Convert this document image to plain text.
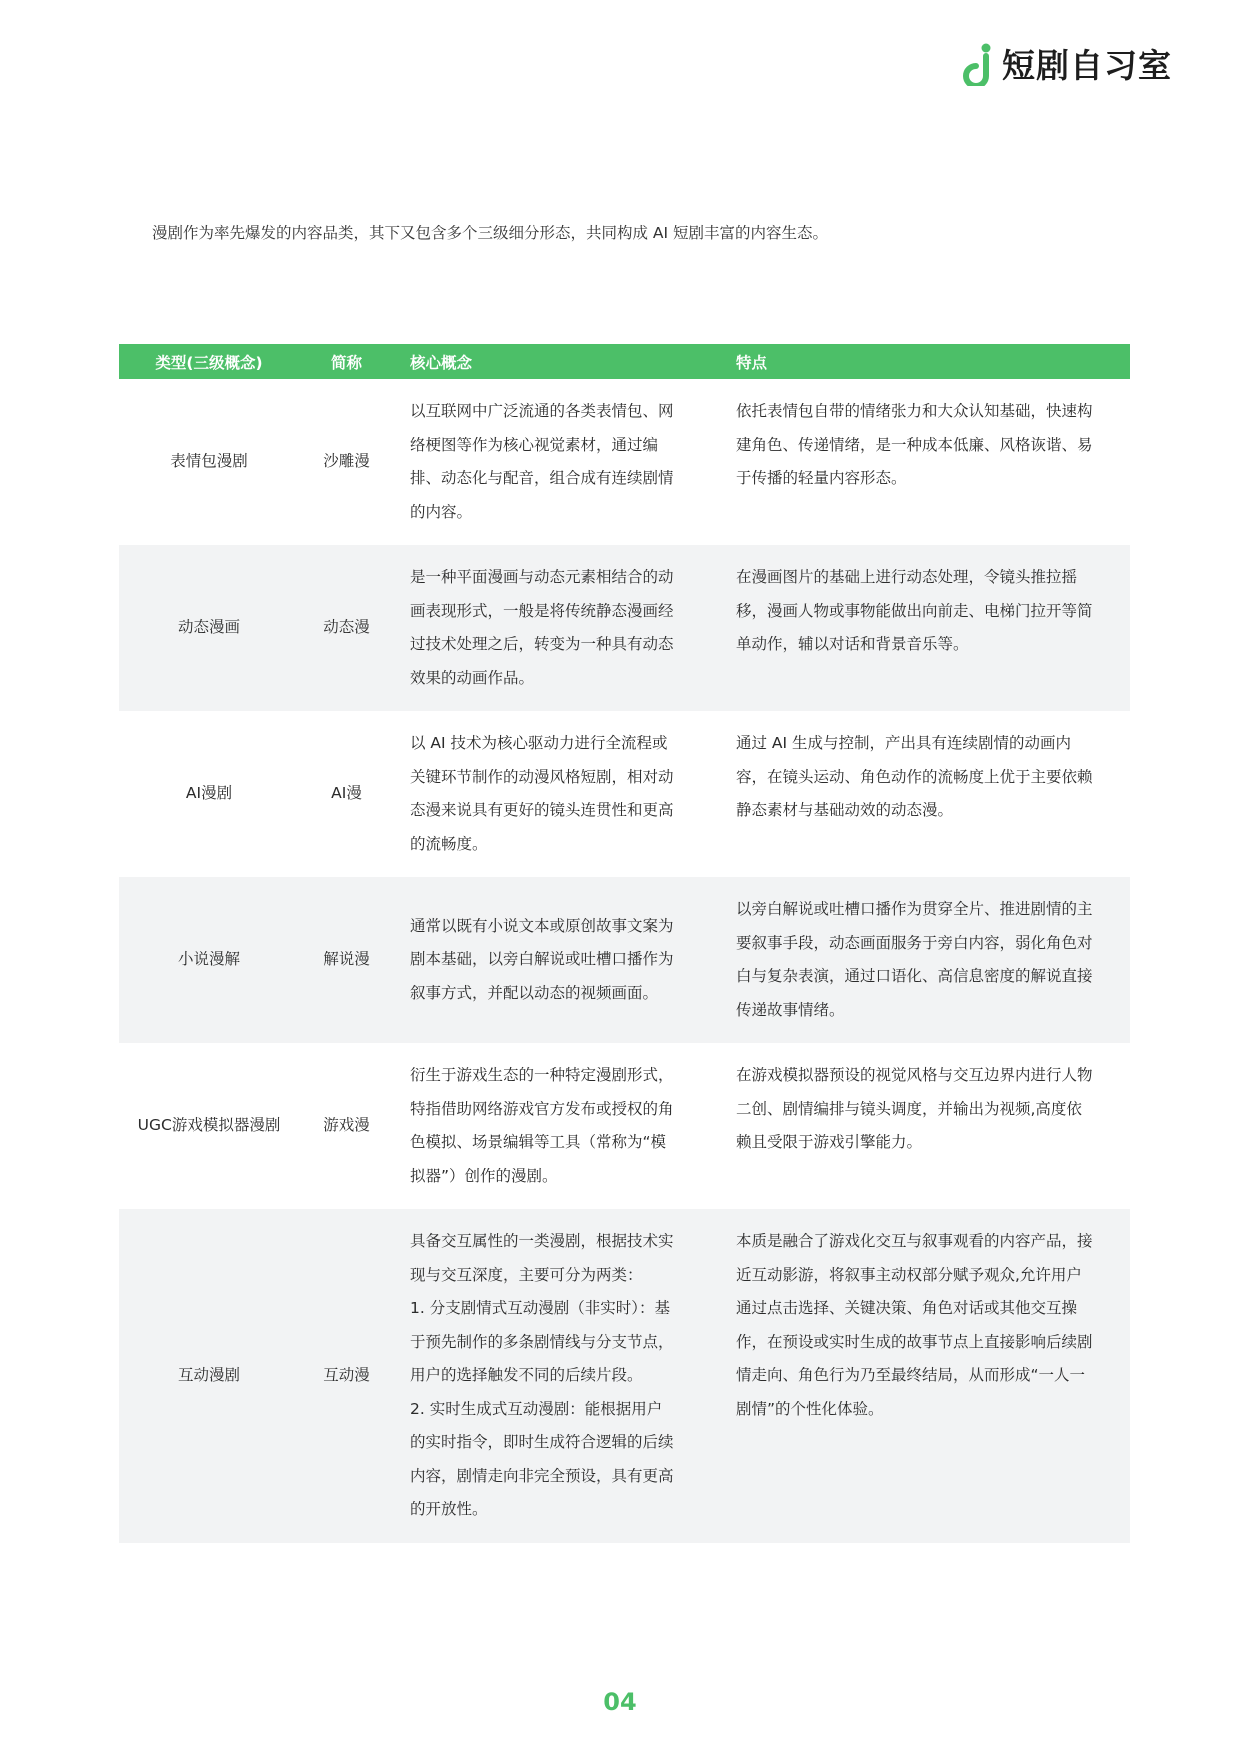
短剧自习室
漫剧作为率先爆发的内容品类，其下又包含多个三级细分形态，共同构成 AI 短剧丰富的内容生态。
类型(三级概念)	简称	核心概念	特点
表情包漫剧	沙雕漫	以互联网中广泛流通的各类表情包、网络梗图等作为核心视觉素材，通过编排、动态化与配音，组合成有连续剧情的内容。	依托表情包自带的情绪张力和大众认知基础，快速构建角色、传递情绪，是一种成本低廉、风格诙谐、易于传播的轻量内容形态。

动态漫画	动态漫	是一种平面漫画与动态元素相结合的动画表现形式，一般是将传统静态漫画经过技术处理之后，转变为一种具有动态效果的动画作品。	在漫画图片的基础上进行动态处理，令镜头推拉摇移，漫画人物或事物能做出向前走、电梯门拉开等简单动作，辅以对话和背景音乐等。

AI漫剧	AI漫	以 AI 技术为核心驱动力进行全流程或关键环节制作的动漫风格短剧，相对动态漫来说具有更好的镜头连贯性和更高的流畅度。	通过 AI 生成与控制，产出具有连续剧情的动画内容，在镜头运动、角色动作的流畅度上优于主要依赖静态素材与基础动效的动态漫。

小说漫解	解说漫	通常以既有小说文本或原创故事文案为剧本基础，以旁白解说或吐槽口播作为叙事方式，并配以动态的视频画面。	以旁白解说或吐槽口播作为贯穿全片、推进剧情的主要叙事手段，动态画面服务于旁白内容，弱化角色对白与复杂表演，通过口语化、高信息密度的解说直接传递故事情绪。

UGC游戏模拟器漫剧	游戏漫	衍生于游戏生态的一种特定漫剧形式，特指借助网络游戏官方发布或授权的角色模拟、场景编辑等工具（常称为“模拟器”）创作的漫剧。	在游戏模拟器预设的视觉风格与交互边界内进行人物二创、剧情编排与镜头调度，并输出为视频,高度依赖且受限于游戏引擎能力。

互动漫剧	互动漫	具备交互属性的一类漫剧，根据技术实现与交互深度，主要可分为两类：
1. 分支剧情式互动漫剧（非实时）：基于预先制作的多条剧情线与分支节点，用户的选择触发不同的后续片段。
2. 实时生成式互动漫剧：能根据用户的实时指令，即时生成符合逻辑的后续内容，剧情走向非完全预设，具有更高的开放性。	本质是融合了游戏化交互与叙事观看的内容产品，接近互动影游，将叙事主动权部分赋予观众,允许用户通过点击选择、关键决策、角色对话或其他交互操作，在预设或实时生成的故事节点上直接影响后续剧情走向、角色行为乃至最终结局，从而形成“一人一剧情”的个性化体验。
04
